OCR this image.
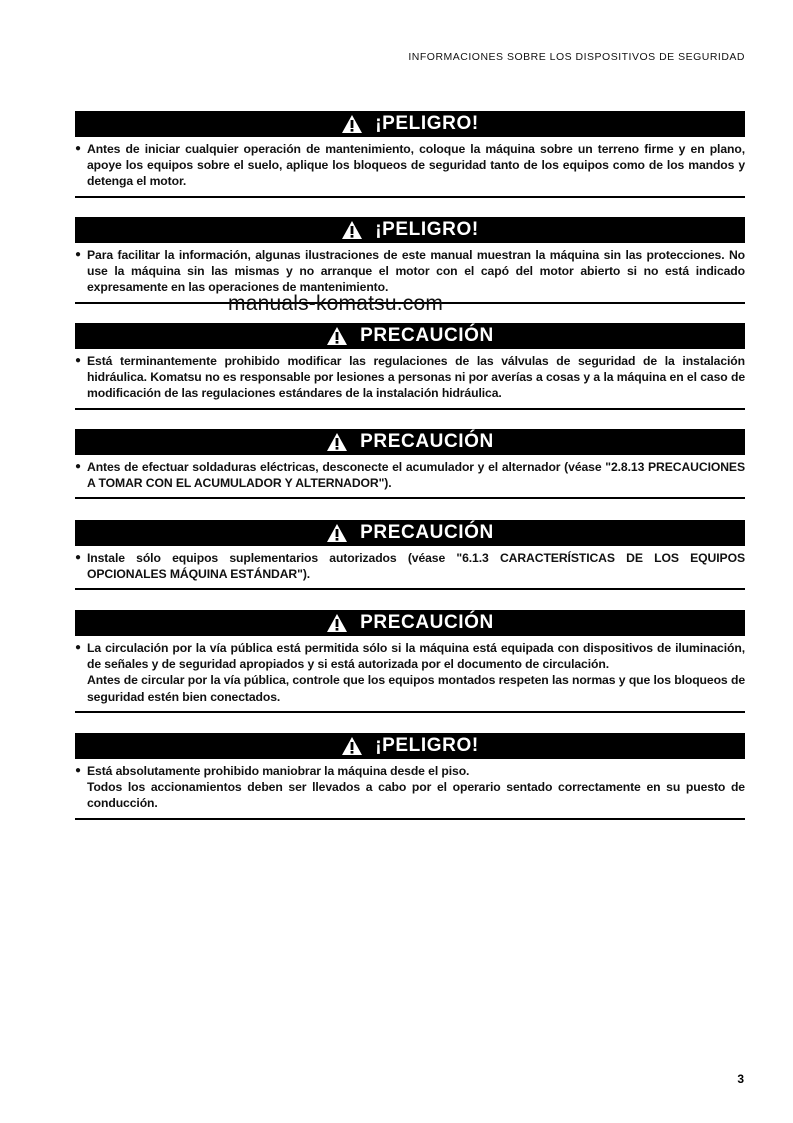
INFORMACIONES SOBRE LOS DISPOSITIVOS DE SEGURIDAD
¡PELIGRO!
● Antes de iniciar cualquier operación de mantenimiento, coloque la máquina sobre un terreno firme y en plano, apoye los equipos sobre el suelo, aplique los bloqueos de seguridad tanto de los equipos como de los mandos y detenga el motor.

¡PELIGRO!
● Para facilitar la información, algunas ilustraciones de este manual muestran la máquina sin las protecciones. No use la máquina sin las mismas y no arranque el motor con el capó del motor abierto si no está indicado expresamente en las operaciones de mantenimiento.

manuals-komatsu.com
PRECAUCIÓN
● Está terminantemente prohibido modificar las regulaciones de las válvulas de seguridad de la instalación hidráulica. Komatsu no es responsable por lesiones a personas ni por averías a cosas y a la máquina en el caso de modificación de las regulaciones estándares de la instalación hidráulica.

PRECAUCIÓN
● Antes de efectuar soldaduras eléctricas, desconecte el acumulador y el alternador (véase "2.8.13 PRECAUCIONES A TOMAR CON EL ACUMULADOR Y ALTERNADOR").

PRECAUCIÓN
● Instale sólo equipos suplementarios autorizados (véase "6.1.3 CARACTERÍSTICAS DE LOS EQUIPOS OPCIONALES MÁQUINA ESTÁNDAR").

PRECAUCIÓN
● La circulación por la vía pública está permitida sólo si la máquina está equipada con dispositivos de iluminación, de señales y de seguridad apropiados y si está autorizada por el documento de circulación.

Antes de circular por la vía pública, controle que los equipos montados respeten las normas y que los bloqueos de seguridad estén bien conectados.

¡PELIGRO!
● Está absolutamente prohibido maniobrar la máquina desde el piso.

Todos los accionamientos deben ser llevados a cabo por el operario sentado correctamente en su puesto de conducción.

3
